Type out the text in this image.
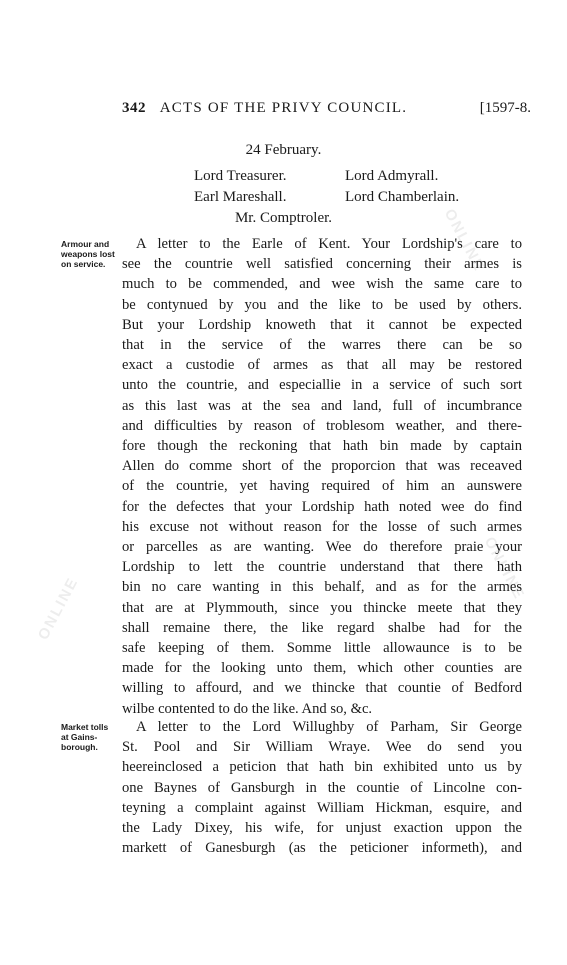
ONLINE
ONLINE
ONLINE
ACTS OF THE PRIVY COUNCIL.
342	[1597-8.
24 February.
Lord Treasurer.	Lord Admyrall.
Earl Mareshall.	Lord Chamberlain.
Mr. Comptroler.
Armour and
weapons lost
on service.
A letter to the Earle of Kent. Your Lordship's care to
see the countrie well satisfied concerning their armes is
much to be commended, and wee wish the same care to
be contynued by you and the like to be used by others.
But your Lordship knoweth that it cannot be expected
that in the service of the warres there can be so
exact a custodie of armes as that all may be restored
unto the countrie, and especiallie in a service of such sort
as this last was at the sea and land, full of incumbrance
and difficulties by reason of troblesom weather, and there-
fore though the reckoning that hath bin made by captain
Allen do comme short of the proporcion that was receaved
of the countrie, yet having required of him an aunswere
for the defectes that your Lordship hath noted wee do find
his excuse not without reason for the losse of such armes
or parcelles as are wanting. Wee do therefore praie your
Lordship to lett the countrie understand that there hath
bin no care wanting in this behalf, and as for the armes
that are at Plymmouth, since you thincke meete that they
shall remaine there, the like regard shalbe had for the
safe keeping of them. Somme little allowaunce is to be
made for the looking unto them, which other counties are
willing to affourd, and we thincke that countie of Bedford
wilbe contented to do the like. And so, &c.
Market tolls
at Gains-
borough.
A letter to the Lord Willughby of Parham, Sir George
St. Pool and Sir William Wraye. Wee do send you
heereinclosed a peticion that hath bin exhibited unto us by
one Baynes of Gansburgh in the countie of Lincolne con-
teyning a complaint against William Hickman, esquire, and
the Lady Dixey, his wife, for unjust exaction uppon the
markett of Ganesburgh (as the peticioner informeth), and
